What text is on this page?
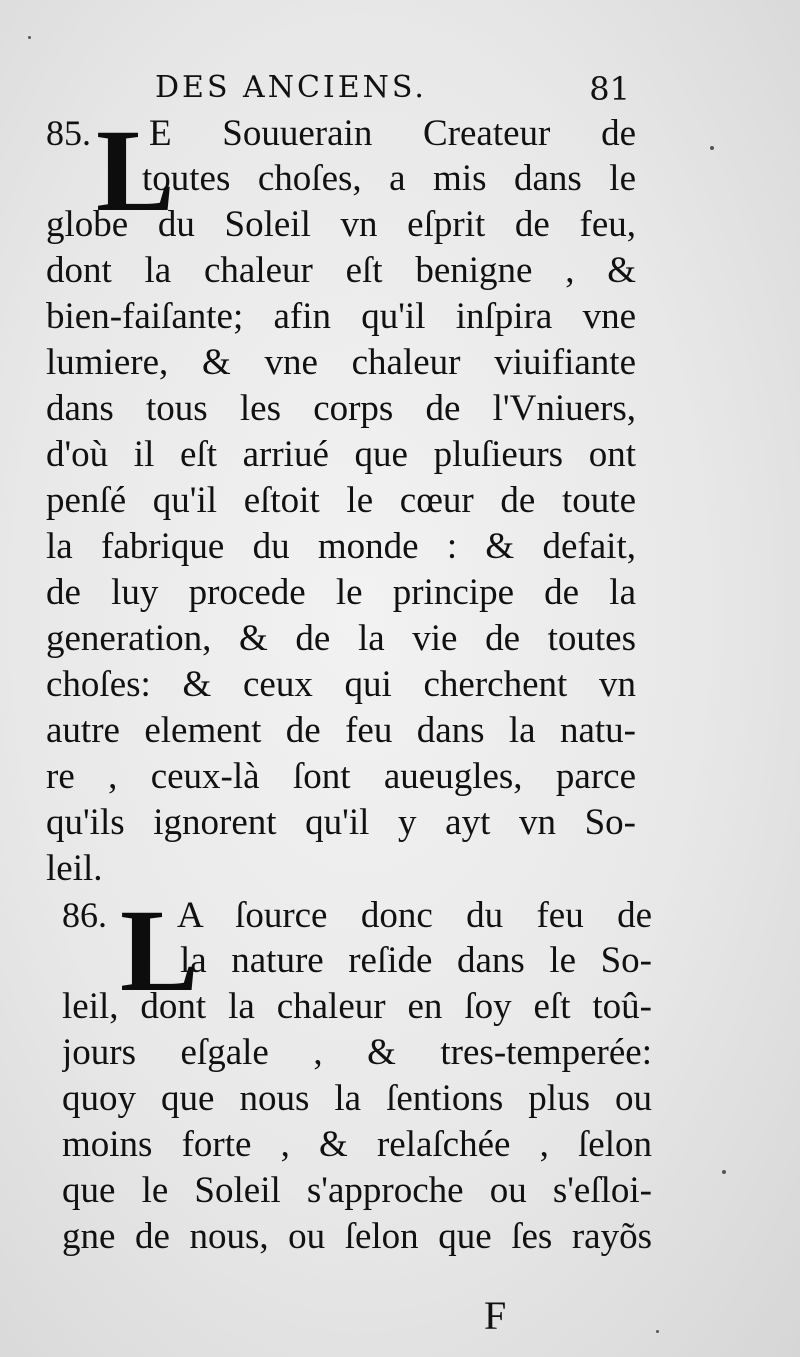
DES ANCIENS.	81
L
85. E Souuerain Createur de
toutes choſes, a mis dans le
globe du Soleil vn eſprit de feu,
dont la chaleur eſt benigne , &
bien-faiſante; afin qu'il inſpira vne
lumiere, & vne chaleur viuifiante
dans tous les corps de l'Vniuers,
d'où il eſt arriué que pluſieurs ont
penſé qu'il eſtoit le cœur de toute
la fabrique du monde : & defait,
de luy procede le principe de la
generation, & de la vie de toutes
choſes: & ceux qui cherchent vn
autre element de feu dans la natu-
re , ceux-là ſont aueugles, parce
qu'ils ignorent qu'il y ayt vn So-
leil.
L
86. A ſource donc du feu de
la nature reſide dans le So-
leil, dont la chaleur en ſoy eſt toû-
jours eſgale , & tres-temperée:
quoy que nous la ſentions plus ou
moins forte , & relaſchée , ſelon
que le Soleil s'approche ou s'eſloi-
gne de nous, ou ſelon que ſes rayõs
F
